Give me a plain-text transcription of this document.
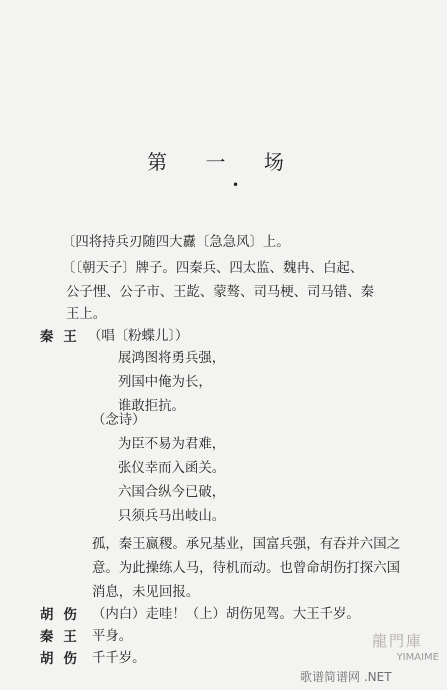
第 一 场
•
〔四将持兵刃随四大纛〔急急风〕上。
〔〔朝天子〕牌子。四秦兵、四太监、魏冉、白起、
公子悝、公子市、王龁、蒙骜、司马梗、司马错、秦
王上。
秦王 （唱〔粉蝶儿〕）
展鸿图将勇兵强，
列国中俺为长，
谁敢拒抗。
（念诗）
为臣不易为君难，
张仪幸而入函关。
六国合纵今已破，
只须兵马出岐山。
孤，秦王嬴稷。承兄基业，国富兵强，有吞并六国之
意。为此操练人马，待机而动。也曾命胡伤打探六国
消息，未见回报。
胡伤 （内白）走哇！（上）胡伤见驾。大王千岁。
秦王 平身。
胡伤 千千岁。
龍門庫
YIMAIME
歌谱简谱网 .NET
